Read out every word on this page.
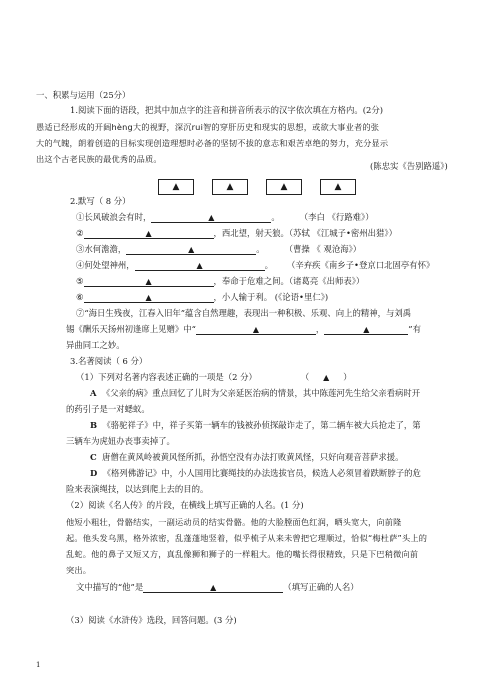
一、积累与运用（25分）
1.阅读下面的语段，把其中加点字的注音和拼音所表示的汉字依次填在方格内。(2分)
愚适已经形成的开阔hèng大的视野，深沉rui智的穿肝历史和现实的思想，或欲大事业者的张
大的气魄，朗着创造的目标实现创造理想时必备的坚韧不拔的意志和艰苦卓绝的努力，充分显示
出这个古老民族的最优秀的品质。
(陈忠实《告别路遥》)
▲	▲	▲	▲
2.默写（ 8 分）
①长风破浪会有时，	▲	。 （李白 《行路难》）
②	▲	，西北望，射天狼。（苏轼 《江城子•密州出猎》）
③水何澹澹，	▲	。 （曹操 《 观沧海》）
④何处望神州，	▲	。 （辛弃疾《南乡子•登京口北固亭有怀》
⑤	▲	，奉命于危难之间。（诸葛亮《出师表》）
⑥	▲	，小人输于利。 (《论语•里仁》)
⑦“海日生残夜，江春入旧年”蕴含自然理趣，表现出一种积极、乐观、向上的精神，与刘禹
锡《酬乐天扬州初逢席上见赠》中“	▲	，	▲	”有
异曲同工之妙。
3.名著阅读（ 6 分）
（1）下列对名著内容表述正确的一项是（2 分）	（ ▲ ）
A 《父亲的病》重点回忆了儿时为父亲延医治病的情景，其中陈莲河先生给父亲看病时开
的药引子是一对蟋蚁。
B 《骆驼祥子》中，祥子买第一辆车的钱被孙侦探敲诈走了，第二辆车被大兵抢走了，第
三辆车为虎妞办丧事卖掉了。
C 唐僧在黄风岭被黄风怪所抓，孙悟空没有办法打败黄风怪，只好向观音菩萨求援。
D 《格列佛游记》中，小人国用比赛绳技的办法选拔官员，候选人必须冒着跌断脖子的危
险来表演绳技，以达到爬上去的目的。
（2）阅读《名人传》的片段，在横线上填写正确的人名。(1 分)
他短小粗壮，骨骼结实，一副运动员的结实骨骼。他的大脸膛面色红润，晒头宽大，向前隆
起。他头发乌黑，格外浓密，乱蓬蓬地竖着，似乎梳子从来未曾把它理顺过，恰似“梅杜萨”头上的
乱蛇。他的鼻子又短又方，真乱像狮和狮子的一样粗大。他的嘴长得很精致，只是下巴稍微向前
突出。
文中描写的“他”是	▲	（填写正确的人名）
（3）阅读《水浒传》选段，回答问题。(3 分)
1
